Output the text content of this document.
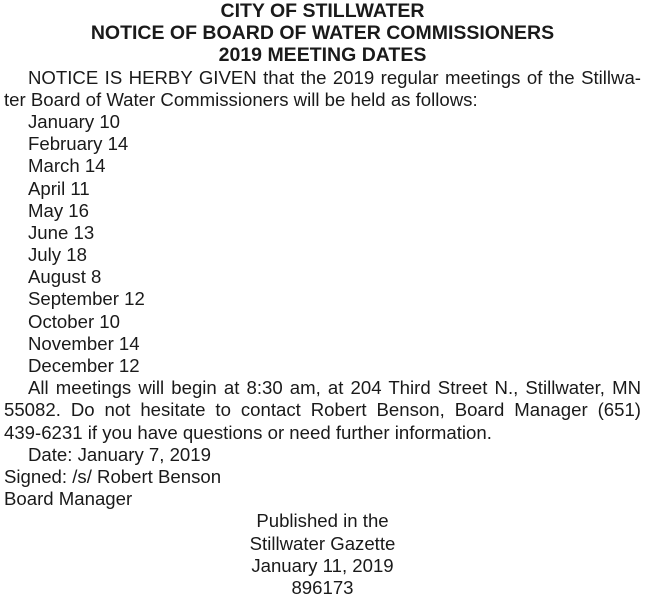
CITY OF STILLWATER
NOTICE OF BOARD OF WATER COMMISSIONERS
2019 MEETING DATES
NOTICE IS HERBY GIVEN that the 2019 regular meetings of the Stillwa-
ter Board of Water Commissioners will be held as follows:
January 10
February 14
March 14
April 11
May 16
June 13
July 18
August 8
September 12
October 10
November 14
December 12
All meetings will begin at 8:30 am, at 204 Third Street N., Stillwater, MN
55082. Do not hesitate to contact Robert Benson, Board Manager (651)
439-6231 if you have questions or need further information.
Date: January 7, 2019
Signed: /s/ Robert Benson
Board Manager
Published in the
Stillwater Gazette
January 11, 2019
896173
